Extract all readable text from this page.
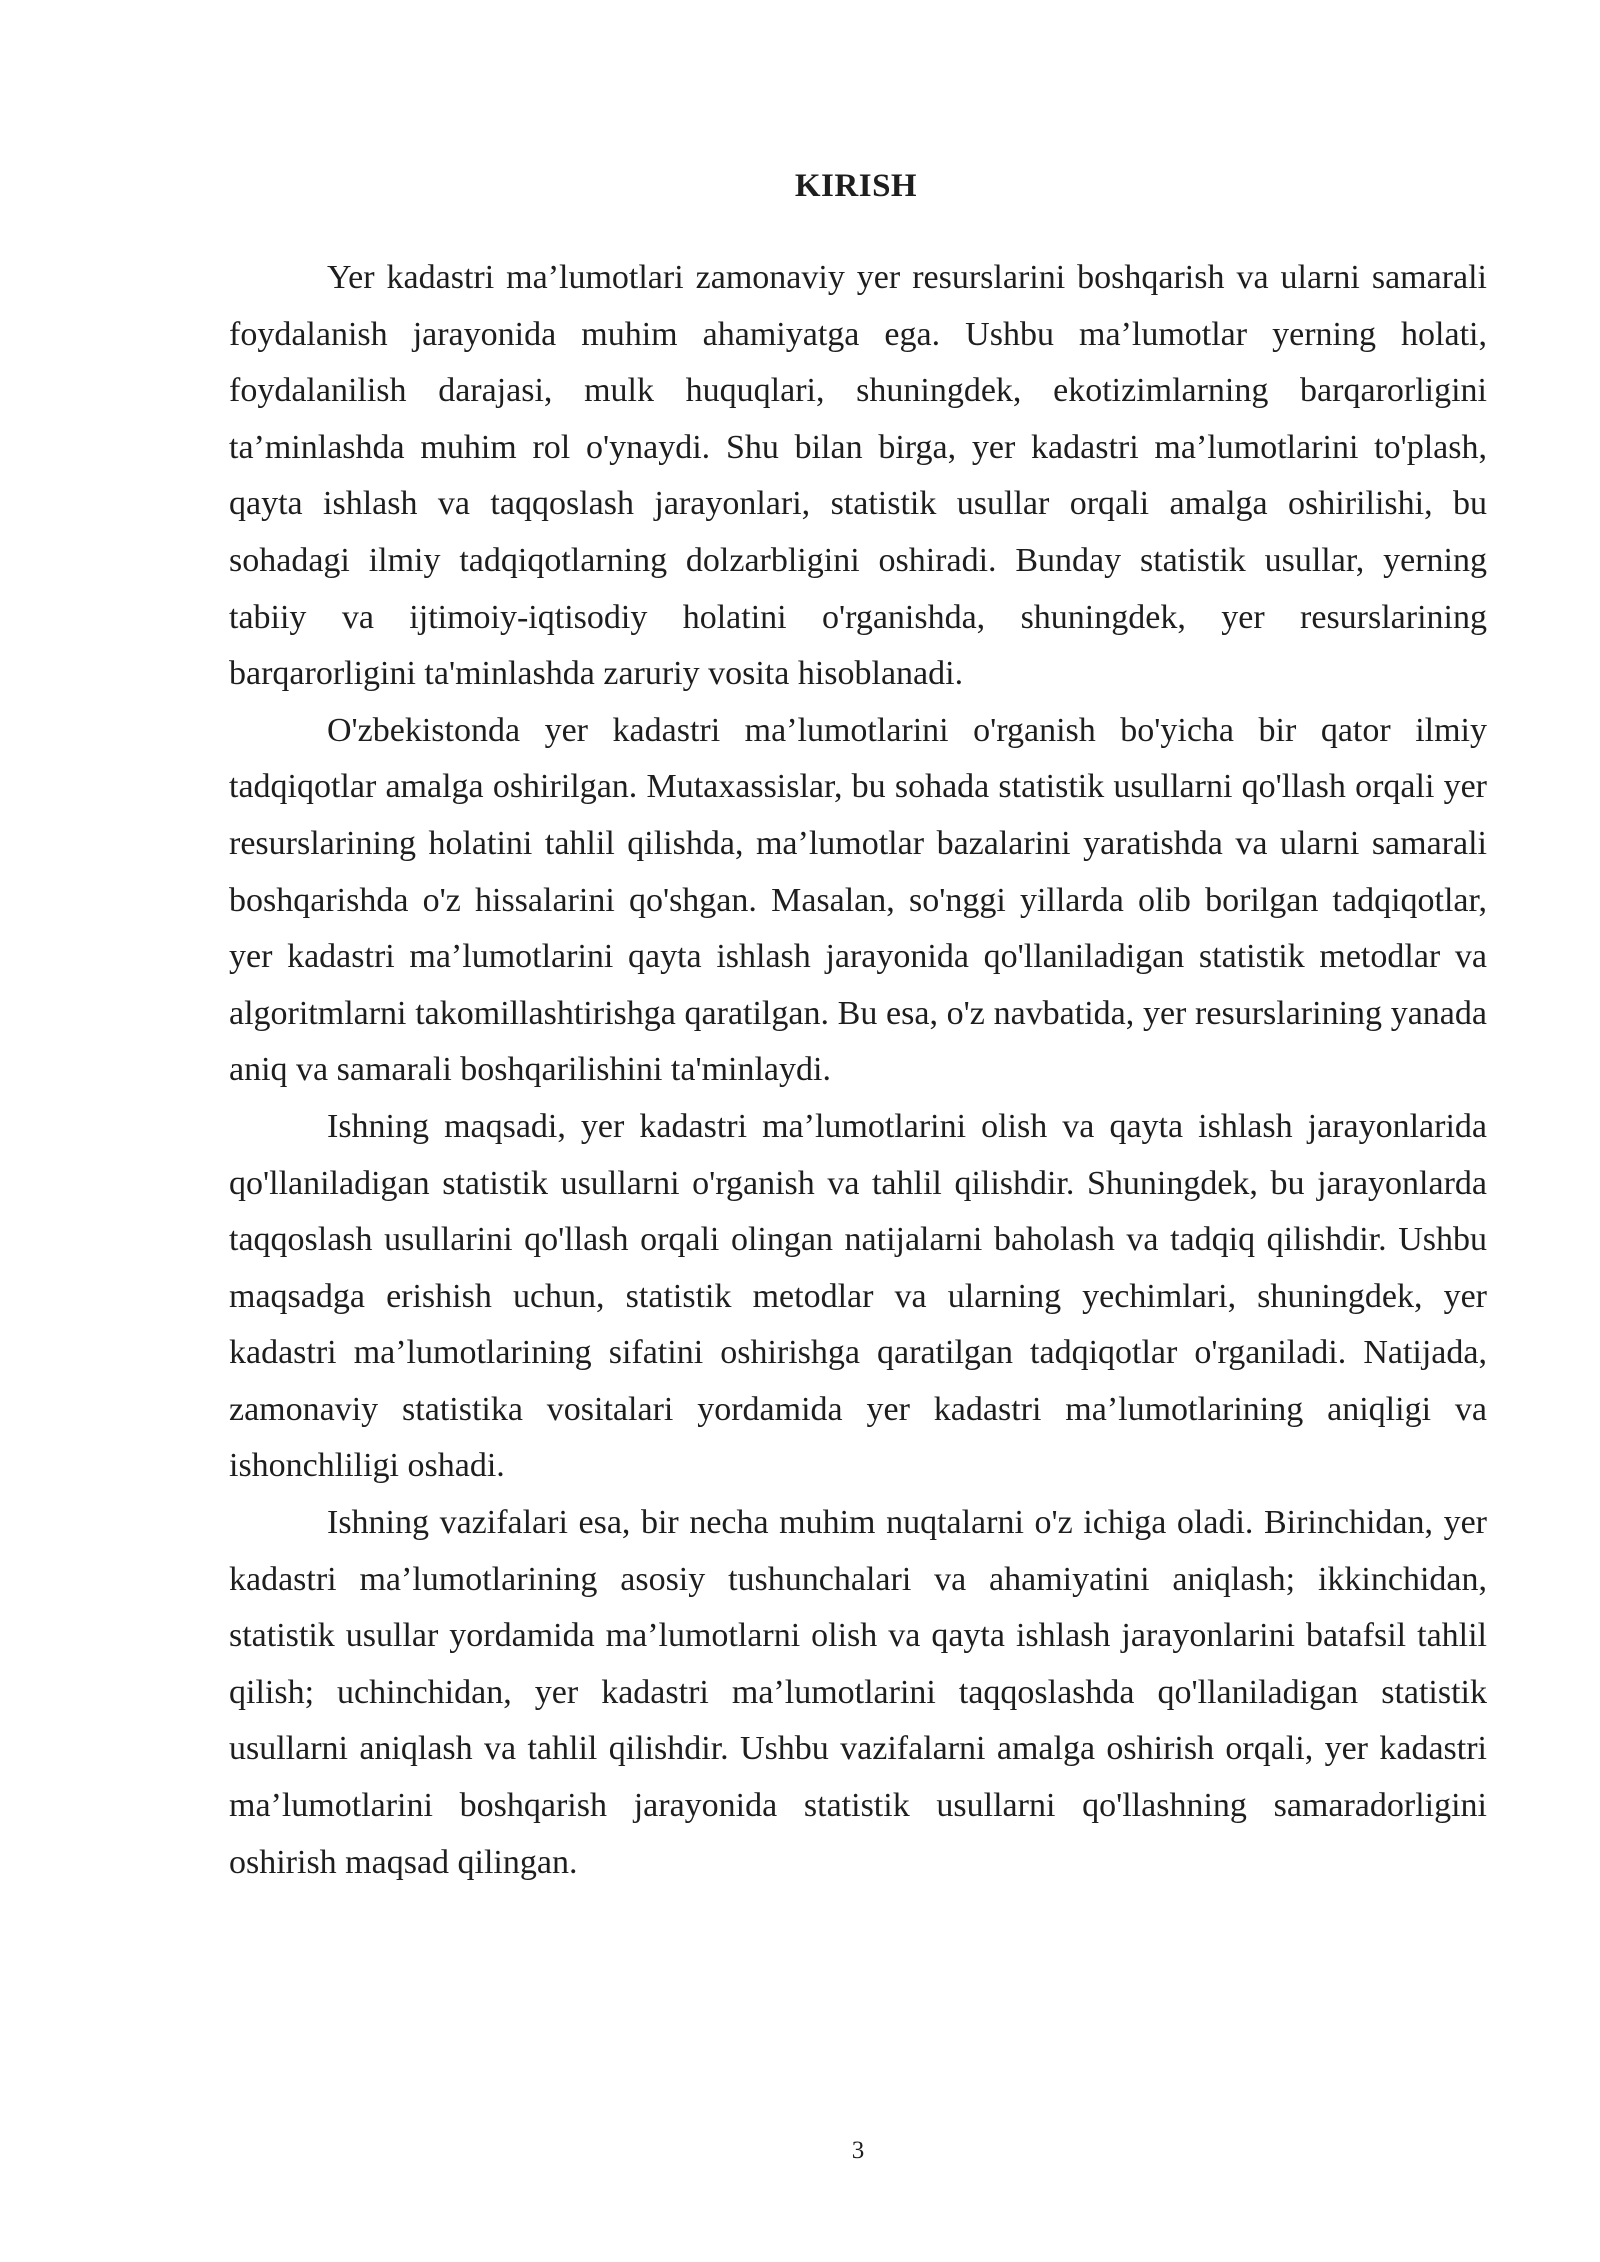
KIRISH

Yer kadastri ma’lumotlari zamonaviy yer resurslarini boshqarish va ularni samarali foydalanish jarayonida muhim ahamiyatga ega. Ushbu ma’lumotlar yerning holati, foydalanilish darajasi, mulk huquqlari, shuningdek, ekotizimlarning barqarorligini ta’minlashda muhim rol o'ynaydi. Shu bilan birga, yer kadastri ma’lumotlarini to'plash, qayta ishlash va taqqoslash jarayonlari, statistik usullar orqali amalga oshirilishi, bu sohadagi ilmiy tadqiqotlarning dolzarbligini oshiradi. Bunday statistik usullar, yerning tabiiy va ijtimoiy-iqtisodiy holatini o'rganishda, shuningdek, yer resurslarining barqarorligini ta'minlashda zaruriy vosita hisoblanadi.

O'zbekistonda yer kadastri ma’lumotlarini o'rganish bo'yicha bir qator ilmiy tadqiqotlar amalga oshirilgan. Mutaxassislar, bu sohada statistik usullarni qo'llash orqali yer resurslarining holatini tahlil qilishda, ma’lumotlar bazalarini yaratishda va ularni samarali boshqarishda o'z hissalarini qo'shgan. Masalan, so'nggi yillarda olib borilgan tadqiqotlar, yer kadastri ma’lumotlarini qayta ishlash jarayonida qo'llaniladigan statistik metodlar va algoritmlarni takomillashtirishga qaratilgan. Bu esa, o'z navbatida, yer resurslarining yanada aniq va samarali boshqarilishini ta'minlaydi.

Ishning maqsadi, yer kadastri ma’lumotlarini olish va qayta ishlash jarayonlarida qo'llaniladigan statistik usullarni o'rganish va tahlil qilishdir. Shuningdek, bu jarayonlarda taqqoslash usullarini qo'llash orqali olingan natijalarni baholash va tadqiq qilishdir. Ushbu maqsadga erishish uchun, statistik metodlar va ularning yechimlari, shuningdek, yer kadastri ma’lumotlarining sifatini oshirishga qaratilgan tadqiqotlar o'rganiladi. Natijada, zamonaviy statistika vositalari yordamida yer kadastri ma’lumotlarining aniqligi va ishonchliligi oshadi.

Ishning vazifalari esa, bir necha muhim nuqtalarni o'z ichiga oladi. Birinchidan, yer kadastri ma’lumotlarining asosiy tushunchalari va ahamiyatini aniqlash; ikkinchidan, statistik usullar yordamida ma’lumotlarni olish va qayta ishlash jarayonlarini batafsil tahlil qilish; uchinchidan, yer kadastri ma’lumotlarini taqqoslashda qo'llaniladigan statistik usullarni aniqlash va tahlil qilishdir. Ushbu vazifalarni amalga oshirish orqali, yer kadastri ma’lumotlarini boshqarish jarayonida statistik usullarni qo'llashning samaradorligini oshirish maqsad qilingan.

3
